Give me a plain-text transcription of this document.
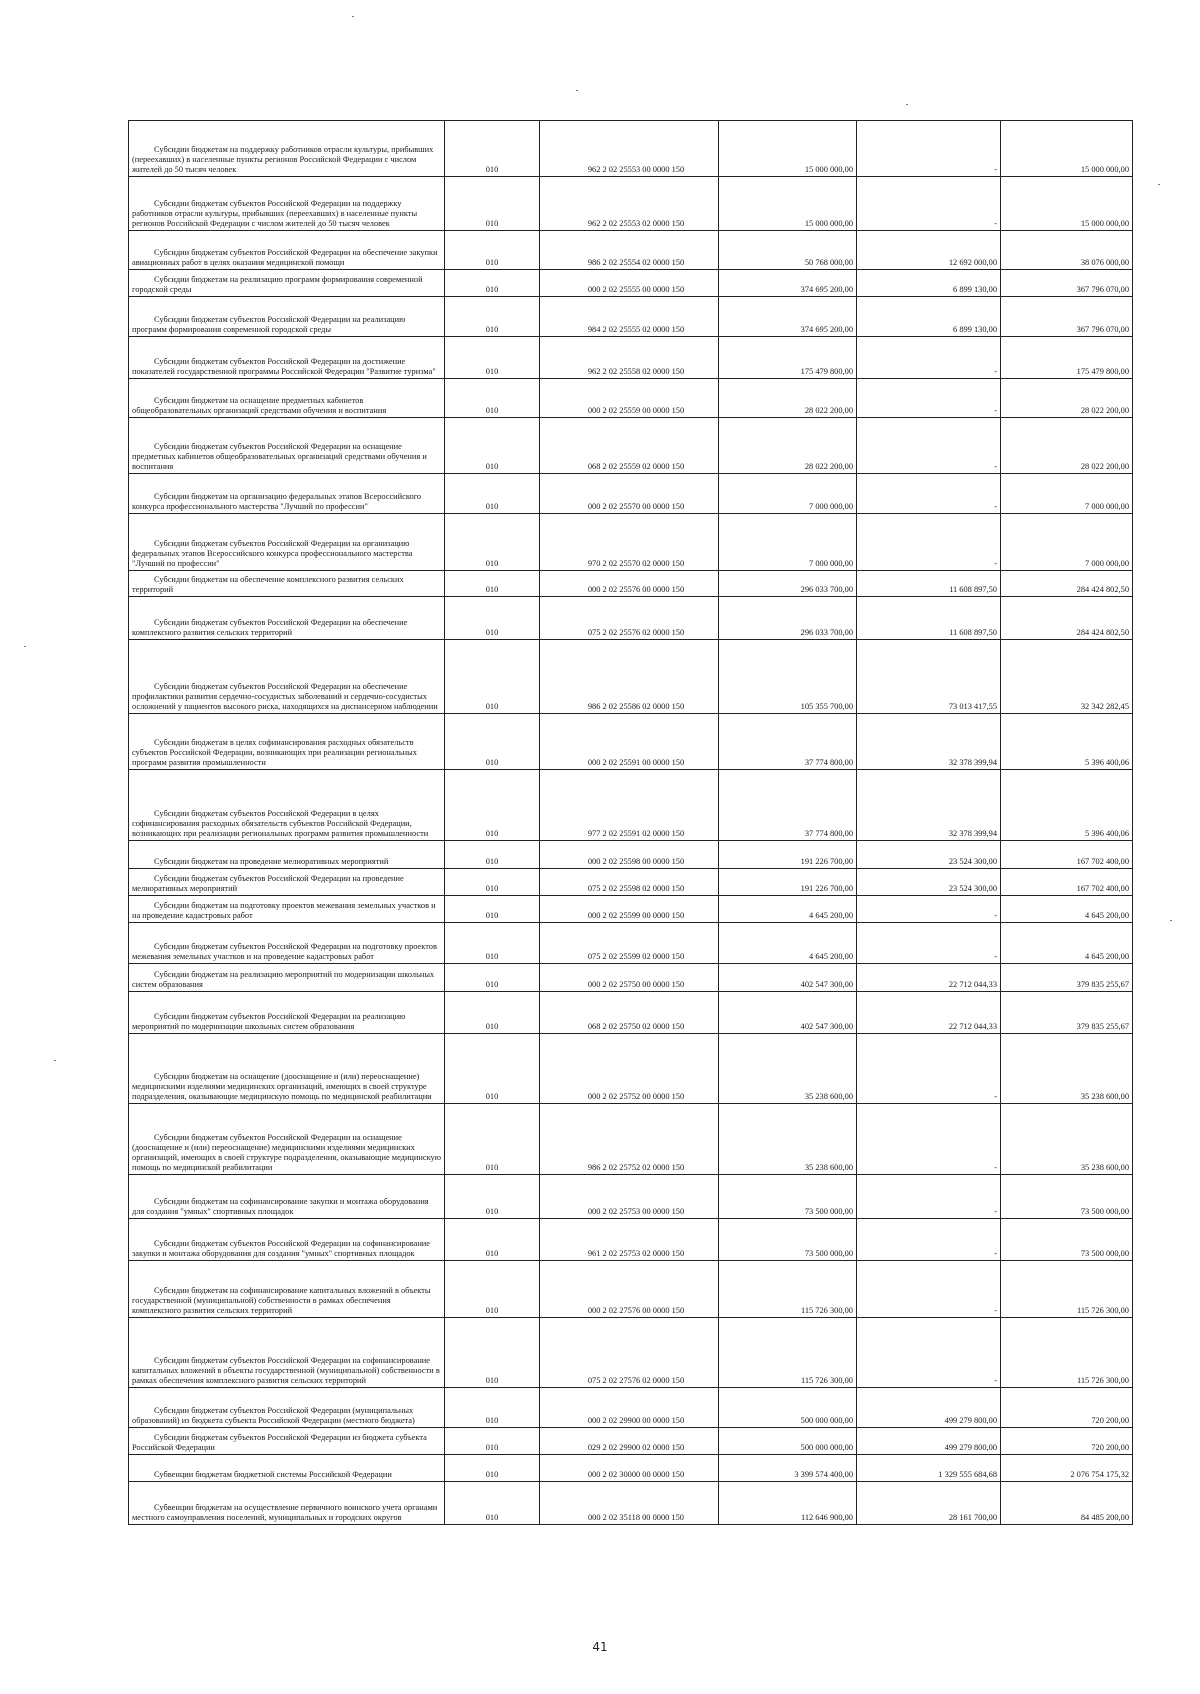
Субсидии бюджетам на поддержку работников отрасли культуры, прибывших (переехавших) в населенные пункты регионов Российской Федерации с числом жителей до 50 тысяч человек	010	962 2 02 25553 00 0000 150	15 000 000,00	-	15 000 000,00
Субсидии бюджетам субъектов Российской Федерации на поддержку работников отрасли культуры, прибывших (переехавших) в населенные пункты регионов Российской Федерации с числом жителей до 50 тысяч человек	010	962 2 02 25553 02 0000 150	15 000 000,00	-	15 000 000,00
Субсидии бюджетам субъектов Российской Федерации на обеспечение закупки авиационных работ в целях оказания медицинской помощи	010	986 2 02 25554 02 0000 150	50 768 000,00	12 692 000,00	38 076 000,00
Субсидии бюджетам на реализацию программ формирования современной городской среды	010	000 2 02 25555 00 0000 150	374 695 200,00	6 899 130,00	367 796 070,00
Субсидии бюджетам субъектов Российской Федерации на реализацию программ формирования современной городской среды	010	984 2 02 25555 02 0000 150	374 695 200,00	6 899 130,00	367 796 070,00
Субсидии бюджетам субъектов Российской Федерации на достижение показателей государственной программы Российской Федерации "Развитие туризма"	010	962 2 02 25558 02 0000 150	175 479 800,00	-	175 479 800,00
Субсидии бюджетам на оснащение предметных кабинетов общеобразовательных организаций средствами обучения и воспитания	010	000 2 02 25559 00 0000 150	28 022 200,00	-	28 022 200,00
Субсидии бюджетам субъектов Российской Федерации на оснащение предметных кабинетов общеобразовательных организаций средствами обучения и воспитания	010	068 2 02 25559 02 0000 150	28 022 200,00	-	28 022 200,00
Субсидии бюджетам на организацию федеральных этапов Всероссийского конкурса профессионального мастерства "Лучший по профессии"	010	000 2 02 25570 00 0000 150	7 000 000,00	-	7 000 000,00
Субсидии бюджетам субъектов Российской Федерации на организацию федеральных этапов Всероссийского конкурса профессионального мастерства "Лучший по профессии"	010	970 2 02 25570 02 0000 150	7 000 000,00	-	7 000 000,00
Субсидии бюджетам на обеспечение комплексного развития сельских территорий	010	000 2 02 25576 00 0000 150	296 033 700,00	11 608 897,50	284 424 802,50
Субсидии бюджетам субъектов Российской Федерации на обеспечение комплексного развития сельских территорий	010	075 2 02 25576 02 0000 150	296 033 700,00	11 608 897,50	284 424 802,50
Субсидии бюджетам субъектов Российской Федерации на обеспечение профилактики развития сердечно-сосудистых заболеваний и сердечно-сосудистых осложнений у пациентов высокого риска, находящихся на диспансерном наблюдении	010	986 2 02 25586 02 0000 150	105 355 700,00	73 013 417,55	32 342 282,45
Субсидии бюджетам в целях софинансирования расходных обязательств субъектов Российской Федерации, возникающих при реализации региональных программ развития промышленности	010	000 2 02 25591 00 0000 150	37 774 800,00	32 378 399,94	5 396 400,06
Субсидии бюджетам субъектов Российской Федерации в целях софинансирования расходных обязательств субъектов Российской Федерации, возникающих при реализации региональных программ развития промышленности	010	977 2 02 25591 02 0000 150	37 774 800,00	32 378 399,94	5 396 400,06
Субсидии бюджетам на проведение мелиоративных мероприятий	010	000 2 02 25598 00 0000 150	191 226 700,00	23 524 300,00	167 702 400,00
Субсидии бюджетам субъектов Российской Федерации на проведение мелиоративных мероприятий	010	075 2 02 25598 02 0000 150	191 226 700,00	23 524 300,00	167 702 400,00
Субсидии бюджетам на подготовку проектов межевания земельных участков и на проведение кадастровых работ	010	000 2 02 25599 00 0000 150	4 645 200,00	-	4 645 200,00
Субсидии бюджетам субъектов Российской Федерации на подготовку проектов межевания земельных участков и на проведение кадастровых работ	010	075 2 02 25599 02 0000 150	4 645 200,00	-	4 645 200,00
Субсидии бюджетам на реализацию мероприятий по модернизации школьных систем образования	010	000 2 02 25750 00 0000 150	402 547 300,00	22 712 044,33	379 835 255,67
Субсидии бюджетам субъектов Российской Федерации на реализацию мероприятий по модернизации школьных систем образования	010	068 2 02 25750 02 0000 150	402 547 300,00	22 712 044,33	379 835 255,67
Субсидии бюджетам на оснащение (дооснащение и (или) переоснащение) медицинскими изделиями медицинских организаций, имеющих в своей структуре подразделения, оказывающие медицинскую помощь по медицинской реабилитации	010	000 2 02 25752 00 0000 150	35 238 600,00	-	35 238 600,00
Субсидии бюджетам субъектов Российской Федерации на оснащение (дооснащение и (или) переоснащение) медицинскими изделиями медицинских организаций, имеющих в своей структуре подразделения, оказывающие медицинскую помощь по медицинской реабилитации	010	986 2 02 25752 02 0000 150	35 238 600,00	-	35 238 600,00
Субсидии бюджетам на софинансирование закупки и монтажа оборудования для создания "умных" спортивных площадок	010	000 2 02 25753 00 0000 150	73 500 000,00	-	73 500 000,00
Субсидии бюджетам субъектов Российской Федерации на софинансирование закупки и монтажа оборудования для создания "умных" спортивных площадок	010	961 2 02 25753 02 0000 150	73 500 000,00	-	73 500 000,00
Субсидии бюджетам на софинансирование капитальных вложений в объекты государственной (муниципальной) собственности в рамках обеспечения комплексного развития сельских территорий	010	000 2 02 27576 00 0000 150	115 726 300,00	-	115 726 300,00
Субсидии бюджетам субъектов Российской Федерации на софинансирование капитальных вложений в объекты государственной (муниципальной) собственности в рамках обеспечения комплексного развития сельских территорий	010	075 2 02 27576 02 0000 150	115 726 300,00	-	115 726 300,00
Субсидии бюджетам субъектов Российской Федерации (муниципальных образований) из бюджета субъекта Российской Федерации (местного бюджета)	010	000 2 02 29900 00 0000 150	500 000 000,00	499 279 800,00	720 200,00
Субсидии бюджетам субъектов Российской Федерации из бюджета субъекта Российской Федерации	010	029 2 02 29900 02 0000 150	500 000 000,00	499 279 800,00	720 200,00
Субвенции бюджетам бюджетной системы Российской Федерации	010	000 2 02 30000 00 0000 150	3 399 574 400,00	1 329 555 684,68	2 076 754 175,32
Субвенции бюджетам на осуществление первичного воинского учета органами местного самоуправления поселений, муниципальных и городских округов	010	000 2 02 35118 00 0000 150	112 646 900,00	28 161 700,00	84 485 200,00
41
